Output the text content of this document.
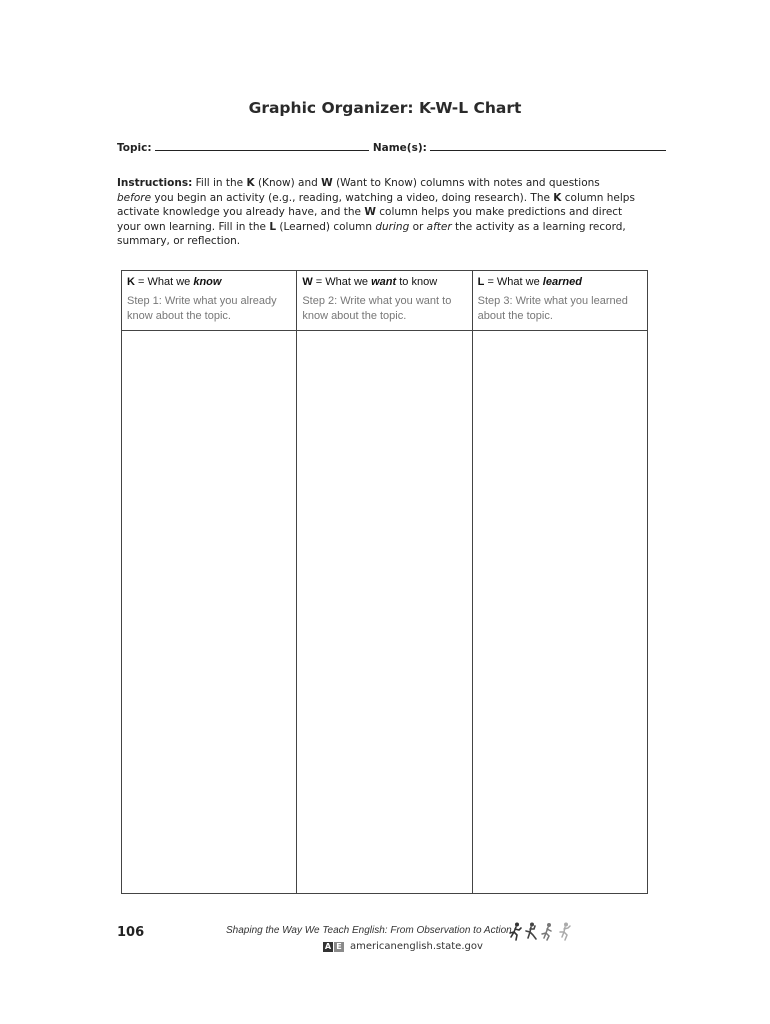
Graphic Organizer: K-W-L Chart
Topic:	Name(s):
Instructions: Fill in the K (Know) and W (Want to Know) columns with notes and questions before you begin an activity (e.g., reading, watching a video, doing research). The K column helps activate knowledge you already have, and the W column helps you make predictions and direct your own learning. Fill in the L (Learned) column during or after the activity as a learning record, summary, or reflection.
K = What we know
Step 1: Write what you already know about the topic.
W = What we want to know
Step 2: Write what you want to know about the topic.
L = What we learned
Step 3: Write what you learned about the topic.
106	Shaping the Way We Teach English: From Observation to Action
A E americanenglish.state.gov
